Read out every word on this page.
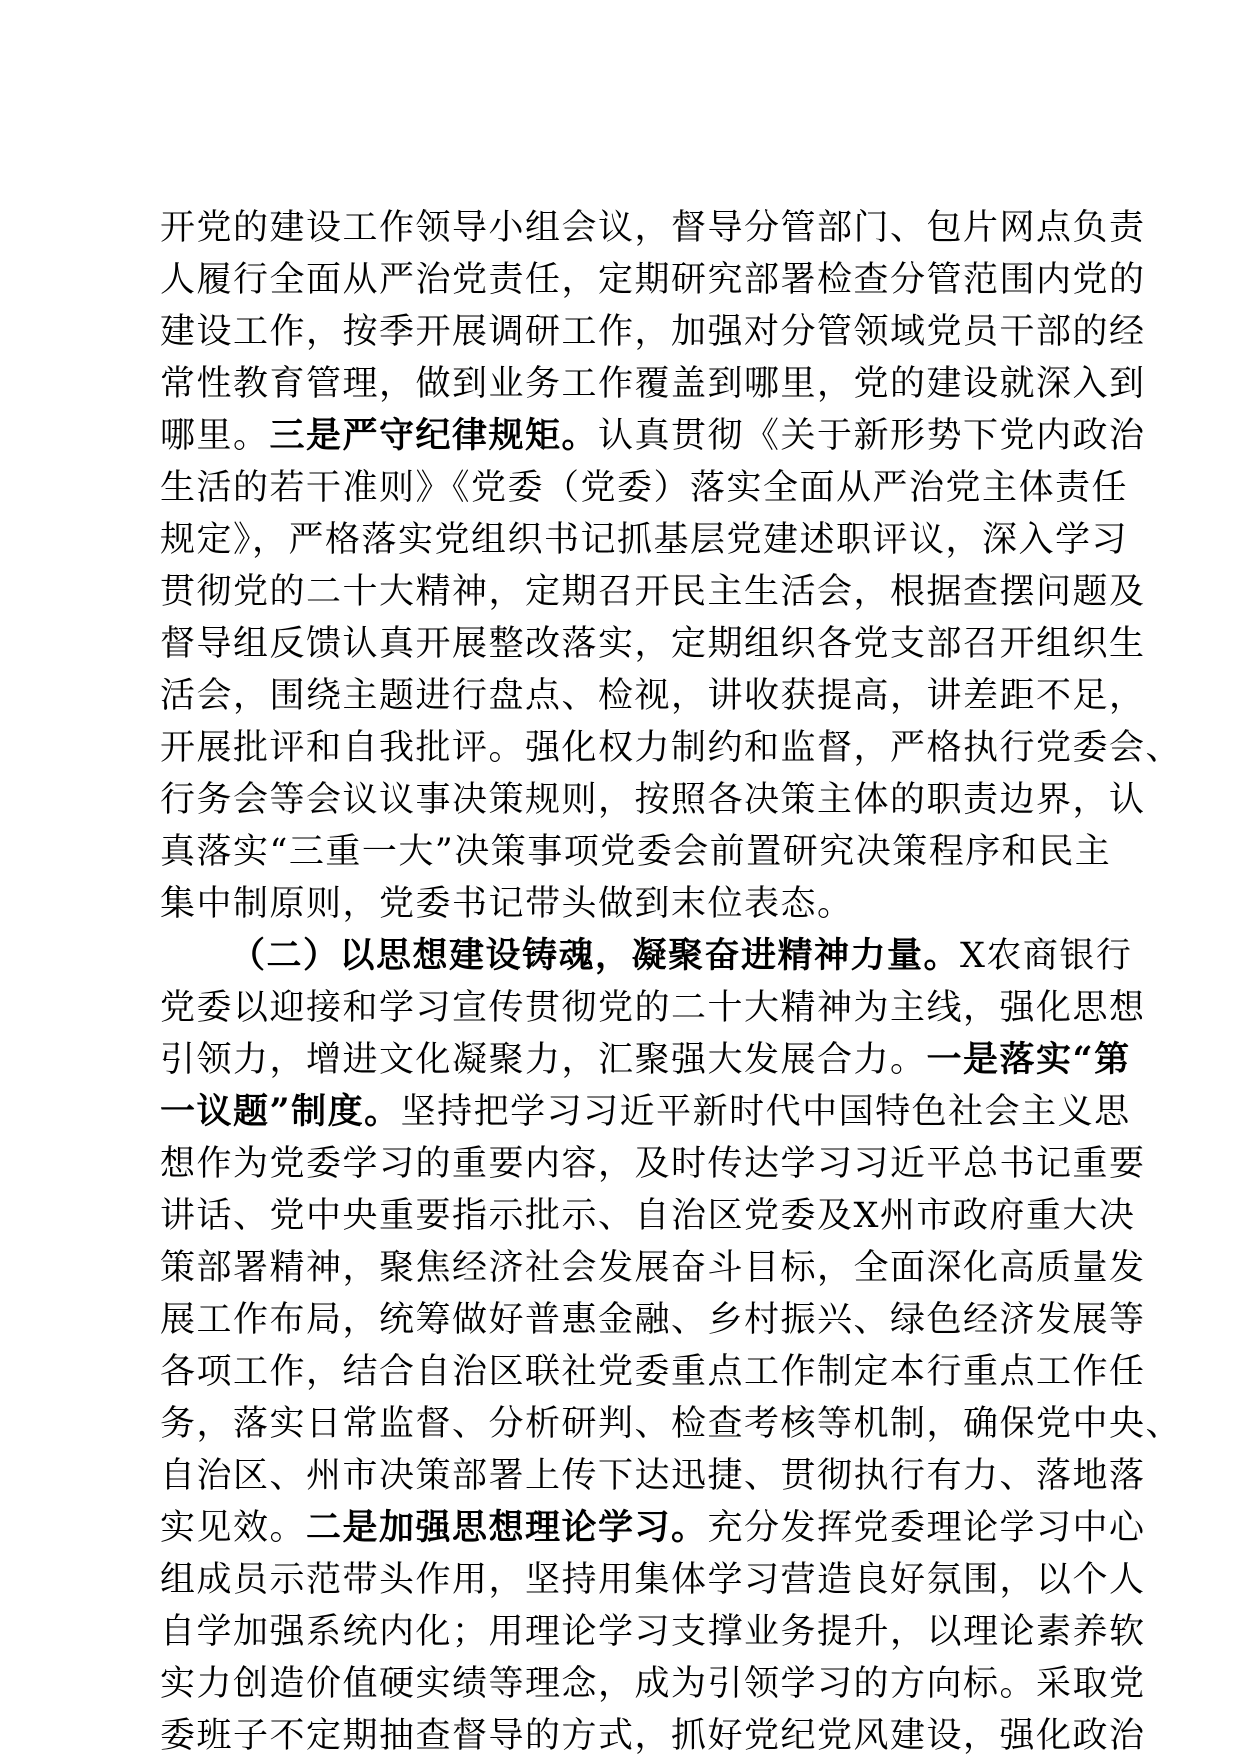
开党的建设工作领导小组会议，督导分管部门、包片网点负责
人履行全面从严治党责任，定期研究部署检查分管范围内党的
建设工作，按季开展调研工作，加强对分管领域党员干部的经
常性教育管理，做到业务工作覆盖到哪里，党的建设就深入到
哪里。三是严守纪律规矩。认真贯彻《关于新形势下党内政治
生活的若干准则》《党委（党委）落实全面从严治党主体责任
规定》，严格落实党组织书记抓基层党建述职评议，深入学习
贯彻党的二十大精神，定期召开民主生活会，根据查摆问题及
督导组反馈认真开展整改落实，定期组织各党支部召开组织生
活会，围绕主题进行盘点、检视，讲收获提高，讲差距不足，
开展批评和自我批评。强化权力制约和监督，严格执行党委会、
行务会等会议议事决策规则，按照各决策主体的职责边界，认
真落实“三重一大”决策事项党委会前置研究决策程序和民主
集中制原则，党委书记带头做到末位表态。
（二）以思想建设铸魂，凝聚奋进精神力量。X农商银行
党委以迎接和学习宣传贯彻党的二十大精神为主线，强化思想
引领力，增进文化凝聚力，汇聚强大发展合力。一是落实“第
一议题”制度。坚持把学习习近平新时代中国特色社会主义思
想作为党委学习的重要内容，及时传达学习习近平总书记重要
讲话、党中央重要指示批示、自治区党委及X州市政府重大决
策部署精神，聚焦经济社会发展奋斗目标，全面深化高质量发
展工作布局，统筹做好普惠金融、乡村振兴、绿色经济发展等
各项工作，结合自治区联社党委重点工作制定本行重点工作任
务，落实日常监督、分析研判、检查考核等机制，确保党中央、
自治区、州市决策部署上传下达迅捷、贯彻执行有力、落地落
实见效。二是加强思想理论学习。充分发挥党委理论学习中心
组成员示范带头作用，坚持用集体学习营造良好氛围，以个人
自学加强系统内化；用理论学习支撑业务提升，以理论素养软
实力创造价值硬实绩等理念，成为引领学习的方向标。采取党
委班子不定期抽查督导的方式，抓好党纪党风建设，强化政治
